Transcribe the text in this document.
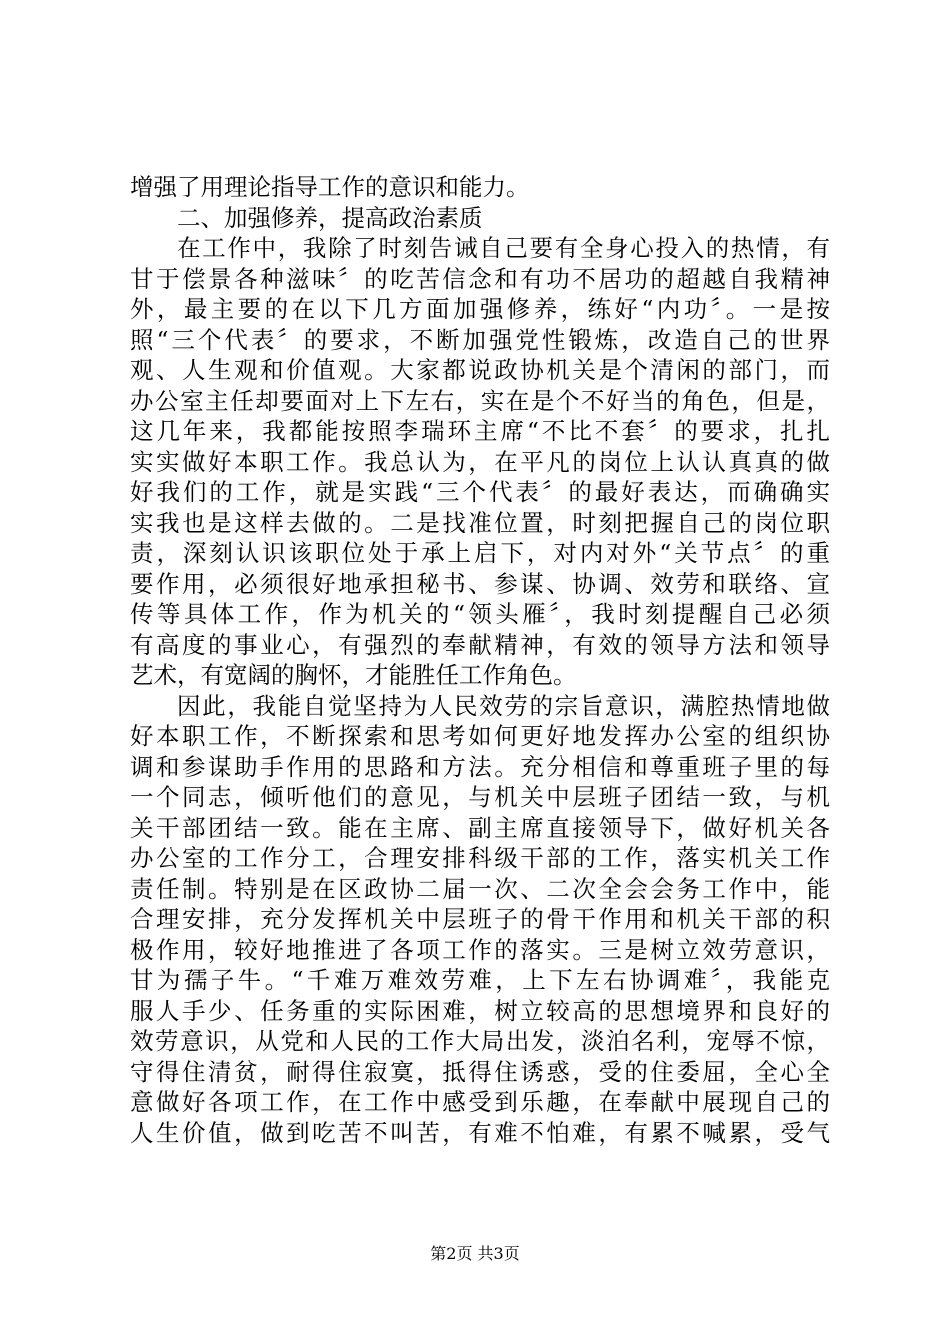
增强了用理论指导工作的意识和能力。
二、加强修养，提高政治素质
在工作中，我除了时刻告诫自己要有全身心投入的热情，有
甘于偿景各种滋味〞的吃苦信念和有功不居功的超越自我精神
外，最主要的在以下几方面加强修养，练好“内功〞。一是按
照“三个代表〞的要求，不断加强党性锻炼，改造自己的世界
观、人生观和价值观。大家都说政协机关是个清闲的部门，而
办公室主任却要面对上下左右，实在是个不好当的角色，但是，
这几年来，我都能按照李瑞环主席“不比不套〞的要求，扎扎
实实做好本职工作。我总认为，在平凡的岗位上认认真真的做
好我们的工作，就是实践“三个代表〞的最好表达，而确确实
实我也是这样去做的。二是找准位置，时刻把握自己的岗位职
责，深刻认识该职位处于承上启下，对内对外“关节点〞的重
要作用，必须很好地承担秘书、参谋、协调、效劳和联络、宣
传等具体工作，作为机关的“领头雁〞，我时刻提醒自己必须
有高度的事业心，有强烈的奉献精神，有效的领导方法和领导
艺术，有宽阔的胸怀，才能胜任工作角色。
因此，我能自觉坚持为人民效劳的宗旨意识，满腔热情地做
好本职工作，不断探索和思考如何更好地发挥办公室的组织协
调和参谋助手作用的思路和方法。充分相信和尊重班子里的每
一个同志，倾听他们的意见，与机关中层班子团结一致，与机
关干部团结一致。能在主席、副主席直接领导下，做好机关各
办公室的工作分工，合理安排科级干部的工作，落实机关工作
责任制。特别是在区政协二届一次、二次全会会务工作中，能
合理安排，充分发挥机关中层班子的骨干作用和机关干部的积
极作用，较好地推进了各项工作的落实。三是树立效劳意识，
甘为孺子牛。“千难万难效劳难，上下左右协调难〞，我能克
服人手少、任务重的实际困难，树立较高的思想境界和良好的
效劳意识，从党和人民的工作大局出发，淡泊名利，宠辱不惊，
守得住清贫，耐得住寂寞，抵得住诱惑，受的住委屈，全心全
意做好各项工作，在工作中感受到乐趣，在奉献中展现自己的
人生价值，做到吃苦不叫苦，有难不怕难，有累不喊累，受气
第2页 共3页
